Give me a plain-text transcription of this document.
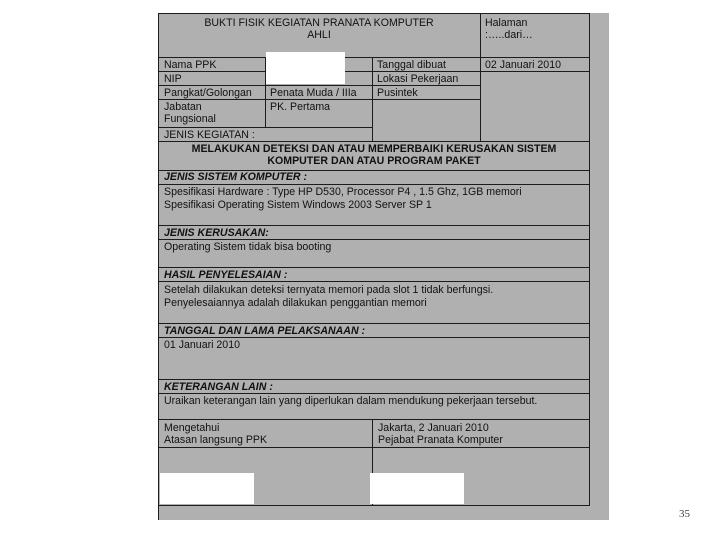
BUKTI FISIK KEGIATAN PRANATA KOMPUTER
AHLI
Halaman
:…..dari…
Nama PPK
NIP
Pangkat/Golongan Penata Muda / IIIa
Jabatan
Fungsional
PK. Pertama
Tanggal dibuat	02 Januari 2010
Lokasi Pekerjaan
Pusintek
JENIS KEGIATAN :
MELAKUKAN DETEKSI DAN ATAU MEMPERBAIKI KERUSAKAN SISTEM
KOMPUTER DAN ATAU PROGRAM PAKET
JENIS SISTEM KOMPUTER :
Spesifikasi Hardware : Type HP D530, Processor P4 , 1.5 Ghz, 1GB memori
Spesifikasi Operating Sistem Windows 2003 Server SP 1
JENIS KERUSAKAN:
Operating Sistem tidak bisa booting
HASIL PENYELESAIAN :
Setelah dilakukan deteksi ternyata memori pada slot 1 tidak berfungsi.
Penyelesaiannya adalah dilakukan penggantian memori
TANGGAL DAN LAMA PELAKSANAAN :
01 Januari 2010
KETERANGAN LAIN :
Uraikan keterangan lain yang diperlukan dalam mendukung pekerjaan tersebut.
Mengetahui
Atasan langsung PPK
Jakarta, 2 Januari 2010
Pejabat Pranata Komputer
35
